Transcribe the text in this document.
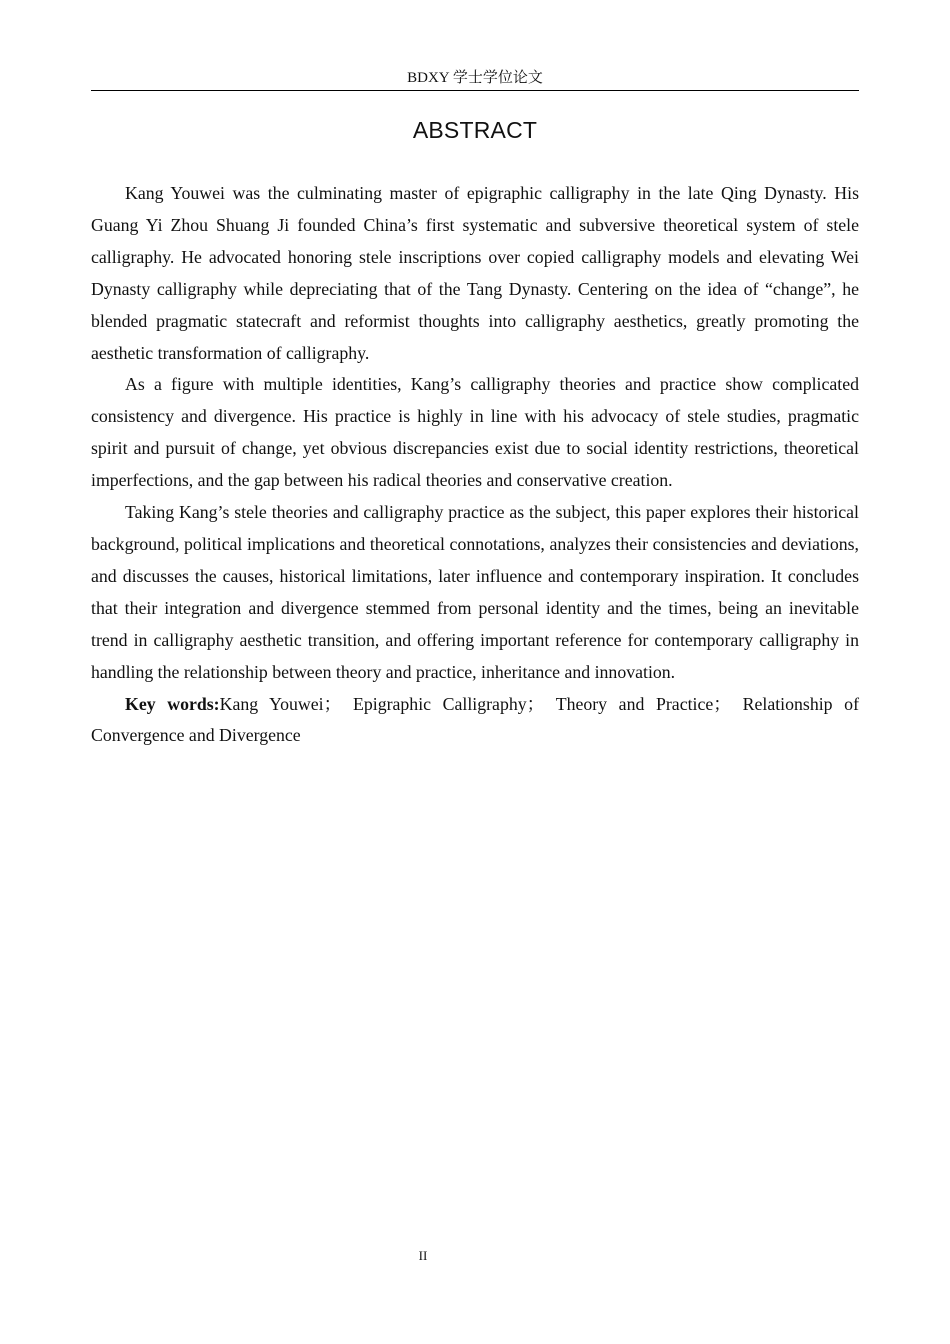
BDXY 学士学位论文
ABSTRACT

Kang Youwei was the culminating master of epigraphic calligraphy in the late Qing Dynasty. His Guang Yi Zhou Shuang Ji founded China’s first systematic and subversive theoretical system of stele calligraphy. He advocated honoring stele inscriptions over copied calligraphy models and elevating Wei Dynasty calligraphy while depreciating that of the Tang Dynasty. Centering on the idea of “change”, he blended pragmatic statecraft and reformist thoughts into calligraphy aesthetics, greatly promoting the aesthetic transformation of calligraphy.

As a figure with multiple identities, Kang’s calligraphy theories and practice show complicated consistency and divergence. His practice is highly in line with his advocacy of stele studies, pragmatic spirit and pursuit of change, yet obvious discrepancies exist due to social identity restrictions, theoretical imperfections, and the gap between his radical theories and conservative creation.

Taking Kang’s stele theories and calligraphy practice as the subject, this paper explores their historical background, political implications and theoretical connotations, analyzes their consistencies and deviations, and discusses the causes, historical limitations, later influence and contemporary inspiration. It concludes that their integration and divergence stemmed from personal identity and the times, being an inevitable trend in calligraphy aesthetic transition, and offering important reference for contemporary calligraphy in handling the relationship between theory and practice, inheritance and innovation.

Key words:Kang Youwei； Epigraphic Calligraphy； Theory and Practice； Relationship of Convergence and Divergence

II
